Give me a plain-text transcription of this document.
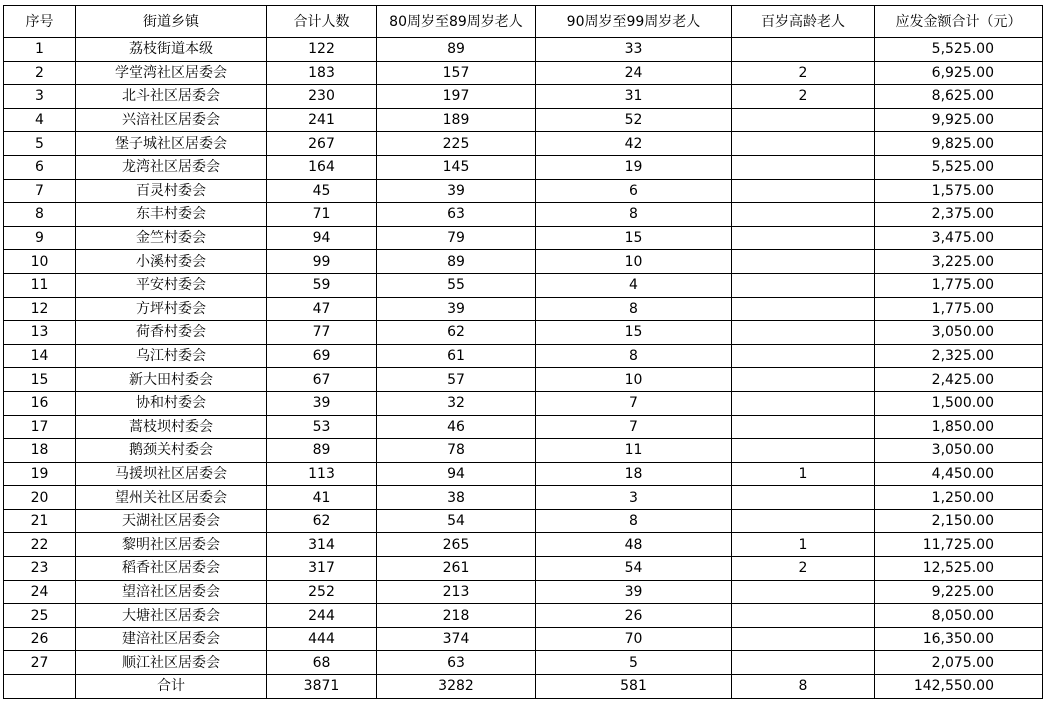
序号	街道乡镇	合计人数	80周岁至89周岁老人	90周岁至99周岁老人	百岁高龄老人	应发金额合计（元）
1	荔枝街道本级	122	89	33		5,525.00
2	学堂湾社区居委会	183	157	24	2	6,925.00
3	北斗社区居委会	230	197	31	2	8,625.00
4	兴涪社区居委会	241	189	52		9,925.00
5	堡子城社区居委会	267	225	42		9,825.00
6	龙湾社区居委会	164	145	19		5,525.00
7	百灵村委会	45	39	6		1,575.00
8	东丰村委会	71	63	8		2,375.00
9	金竺村委会	94	79	15		3,475.00
10	小溪村委会	99	89	10		3,225.00
11	平安村委会	59	55	4		1,775.00
12	方坪村委会	47	39	8		1,775.00
13	荷香村委会	77	62	15		3,050.00
14	乌江村委会	69	61	8		2,325.00
15	新大田村委会	67	57	10		2,425.00
16	协和村委会	39	32	7		1,500.00
17	蒿枝坝村委会	53	46	7		1,850.00
18	鹅颈关村委会	89	78	11		3,050.00
19	马援坝社区居委会	113	94	18	1	4,450.00
20	望州关社区居委会	41	38	3		1,250.00
21	天湖社区居委会	62	54	8		2,150.00
22	黎明社区居委会	314	265	48	1	11,725.00
23	稻香社区居委会	317	261	54	2	12,525.00
24	望涪社区居委会	252	213	39		9,225.00
25	大塘社区居委会	244	218	26		8,050.00
26	建涪社区居委会	444	374	70		16,350.00
27	顺江社区居委会	68	63	5		2,075.00
	合计	3871	3282	581	8	142,550.00
